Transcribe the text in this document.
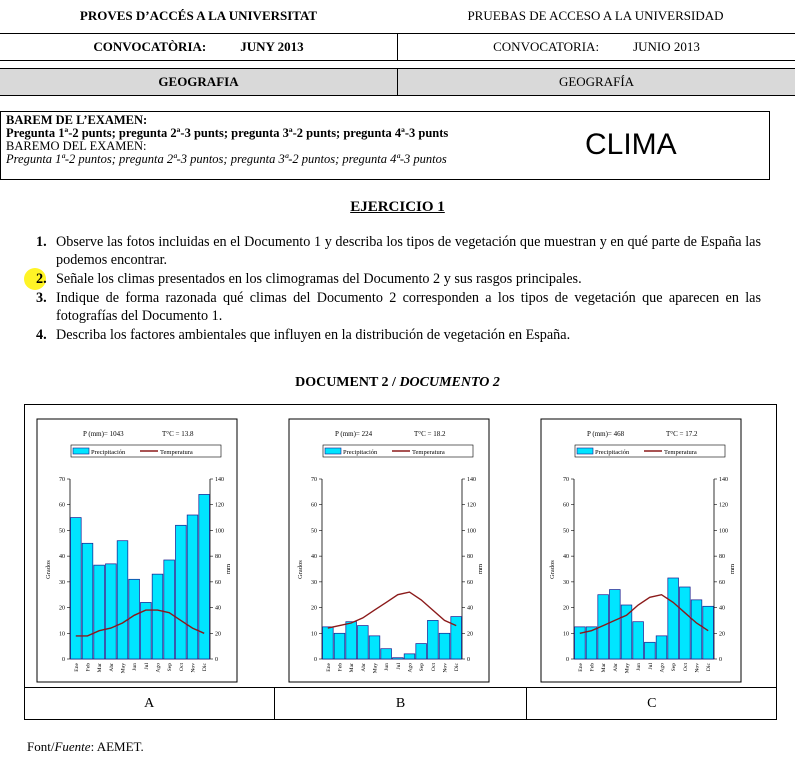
PROVES D’ACCÉS A LA UNIVERSITAT	PRUEBAS DE ACCESO A LA UNIVERSIDAD
CONVOCATÒRIA:	JUNY 2013	CONVOCATORIA:	JUNIO 2013
GEOGRAFIA	GEOGRAFÍA
BAREM DE L’EXAMEN:
Pregunta 1ª-2 punts; pregunta 2ª-3 punts; pregunta 3ª-2 punts; pregunta 4ª-3 punts
BAREMO DEL EXAMEN:
Pregunta 1ª-2 puntos; pregunta 2ª-3 puntos; pregunta 3ª-2 puntos; pregunta 4ª-3 puntos	CLIMA
EJERCICIO 1
1. Observe las fotos incluidas en el Documento 1 y describa los tipos de vegetación que muestran y en qué parte de España las podemos encontrar.
2. Señale los climas presentados en los climogramas del Documento 2 y sus rasgos principales.
3. Indique de forma razonada qué climas del Documento 2 corresponden a los tipos de vegetación que aparecen en las fotografías del Documento 1.
4. Describa los factores ambientales que influyen en la distribución de vegetación en España.
DOCUMENT 2 / DOCUMENTO 2
P (mm)= 1043	T°C = 13.8
Precipitación	Temperatura
0
10
20
30
40
50
60
70
0
20
40
60
80
100
120
140
Grados	mm
Ene Feb Mar Abr May Jun Jul Ago Sep Oct Nov Dic
P (mm)= 224	T°C = 18.2
Precipitación	Temperatura
0
10
20
30
40
50
60
70
0
20
40
60
80
100
120
140
Grados	mm
Ene Feb Mar Abr May Jun Jul Ago Sep Oct Nov Dic
P (mm)= 468	T°C = 17.2
Precipitación	Temperatura
0
10
20
30
40
50
60
70
0
20
40
60
80
100
120
140
Grados	mm
Ene Feb Mar Abr May Jun Jul Ago Sep Oct Nov Dic
A	B	C
Font/Fuente: AEMET.
